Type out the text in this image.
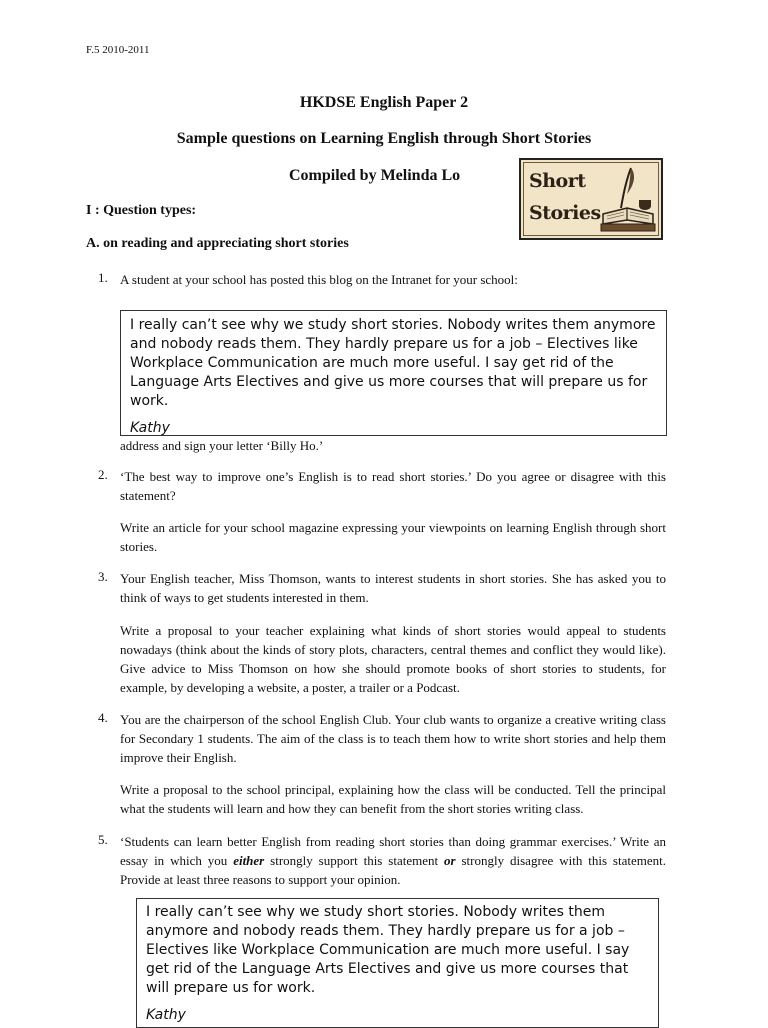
F.5 2010-2011
HKDSE English Paper 2
Sample questions on Learning English through Short Stories
Compiled by Melinda Lo	Short
Stories
I : Question types:
A. on reading and appreciating short stories
1. A student at your school has posted this blog on the Intranet for your school:
I really can’t see why we study short stories. Nobody writes them anymore and nobody reads them. They hardly prepare us for a job – Electives like Workplace Communication are much more useful. I say get rid of the Language Arts Electives and give us more courses that will prepare us for work.
Kathy
address and sign your letter ‘Billy Ho.’
2. ‘The best way to improve one’s English is to read short stories.’ Do you agree or disagree with this statement?
Write an article for your school magazine expressing your viewpoints on learning English through short stories.
3. Your English teacher, Miss Thomson, wants to interest students in short stories. She has asked you to think of ways to get students interested in them.
Write a proposal to your teacher explaining what kinds of short stories would appeal to students nowadays (think about the kinds of story plots, characters, central themes and conflict they would like). Give advice to Miss Thomson on how she should promote books of short stories to students, for example, by developing a website, a poster, a trailer or a Podcast.
4. You are the chairperson of the school English Club. Your club wants to organize a creative writing class for Secondary 1 students. The aim of the class is to teach them how to write short stories and help them improve their English.
Write a proposal to the school principal, explaining how the class will be conducted. Tell the principal what the students will learn and how they can benefit from the short stories writing class.
5. ‘Students can learn better English from reading short stories than doing grammar exercises.’ Write an essay in which you either strongly support this statement or strongly disagree with this statement. Provide at least three reasons to support your opinion.
I really can’t see why we study short stories. Nobody writes them anymore and nobody reads them. They hardly prepare us for a job – Electives like Workplace Communication are much more useful. I say get rid of the Language Arts Electives and give us more courses that will prepare us for work.
Kathy
